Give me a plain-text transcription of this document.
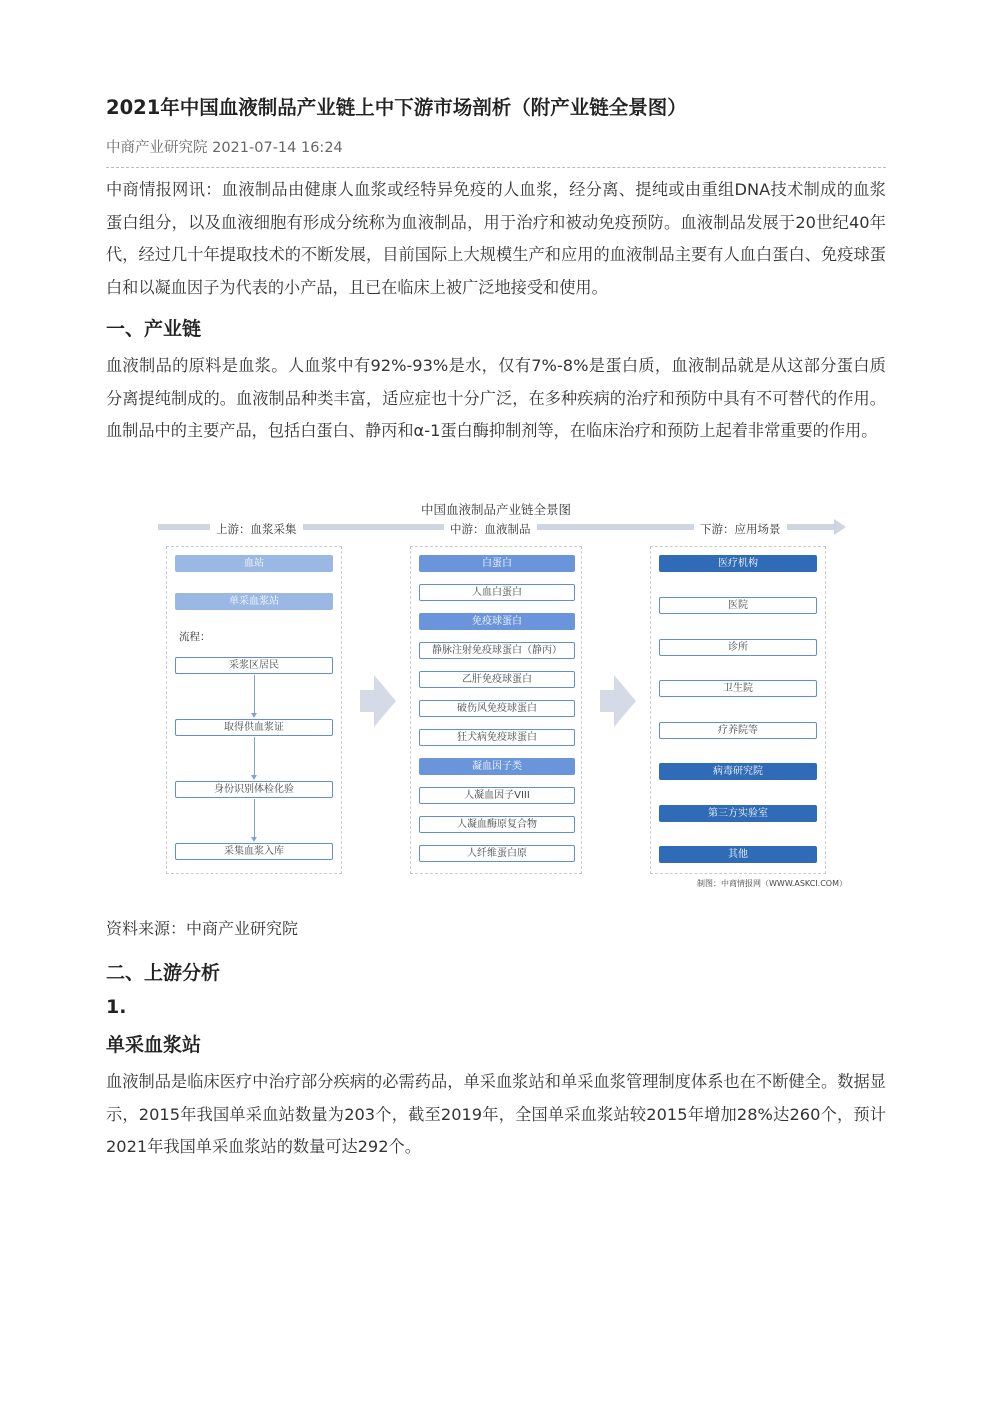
2021年中国血液制品产业链上中下游市场剖析（附产业链全景图）
中商产业研究院 2021-07-14 16:24
中商情报网讯：血液制品由健康人血浆或经特异免疫的人血浆，经分离、提纯或由重组DNA技术制成的血浆蛋白组分，以及血液细胞有形成分统称为血液制品，用于治疗和被动免疫预防。血液制品发展于20世纪40年代，经过几十年提取技术的不断发展，目前国际上大规模生产和应用的血液制品主要有人血白蛋白、免疫球蛋白和以凝血因子为代表的小产品，且已在临床上被广泛地接受和使用。
一、产业链
血液制品的原料是血浆。人血浆中有92%-93%是水，仅有7%-8%是蛋白质，血液制品就是从这部分蛋白质分离提纯制成的。血液制品种类丰富，适应症也十分广泛，在多种疾病的治疗和预防中具有不可替代的作用。血制品中的主要产品，包括白蛋白、静丙和α-1蛋白酶抑制剂等，在临床治疗和预防上起着非常重要的作用。
资料来源：中商产业研究院
二、上游分析
1.
单采血浆站
血液制品是临床医疗中治疗部分疾病的必需药品，单采血浆站和单采血浆管理制度体系也在不断健全。数据显示，2015年我国单采血站数量为203个，截至2019年，全国单采血浆站较2015年增加28%达260个，预计2021年我国单采血浆站的数量可达292个。
中国血液制品产业链全景图
上游：血浆采集	中游：血液制品	下游：应用场景
血站
单采血浆站
流程：
采浆区居民
取得供血浆证
身份识别体检化验
采集血浆入库
白蛋白
人血白蛋白
免疫球蛋白
静脉注射免疫球蛋白（静丙）
乙肝免疫球蛋白
破伤风免疫球蛋白
狂犬病免疫球蛋白
凝血因子类
人凝血因子VIII
人凝血酶原复合物
人纤维蛋白原
医疗机构
医院
诊所
卫生院
疗养院等
病毒研究院
第三方实验室
其他
制图：中商情报网（WWW.ASKCI.COM）
